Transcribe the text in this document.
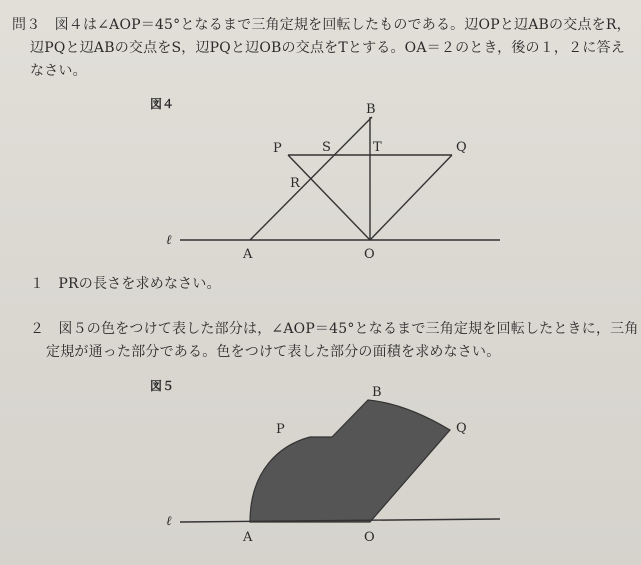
問３　図４は∠AOP＝45°となるまで三角定規を回転したものである。辺OPと辺ABの交点をR，
辺PQと辺ABの交点をS，辺PQと辺OBの交点をTとする。OA＝２のとき，後の１，２に答え
なさい。
図４	B
P	S	T	Q
R
A	O
ℓ
B
P	Q
A	O
ℓ
１　PRの長さを求めなさい。
２　図５の色をつけて表した部分は，∠AOP＝45°となるまで三角定規を回転したときに，三角
定規が通った部分である。色をつけて表した部分の面積を求めなさい。
図５
